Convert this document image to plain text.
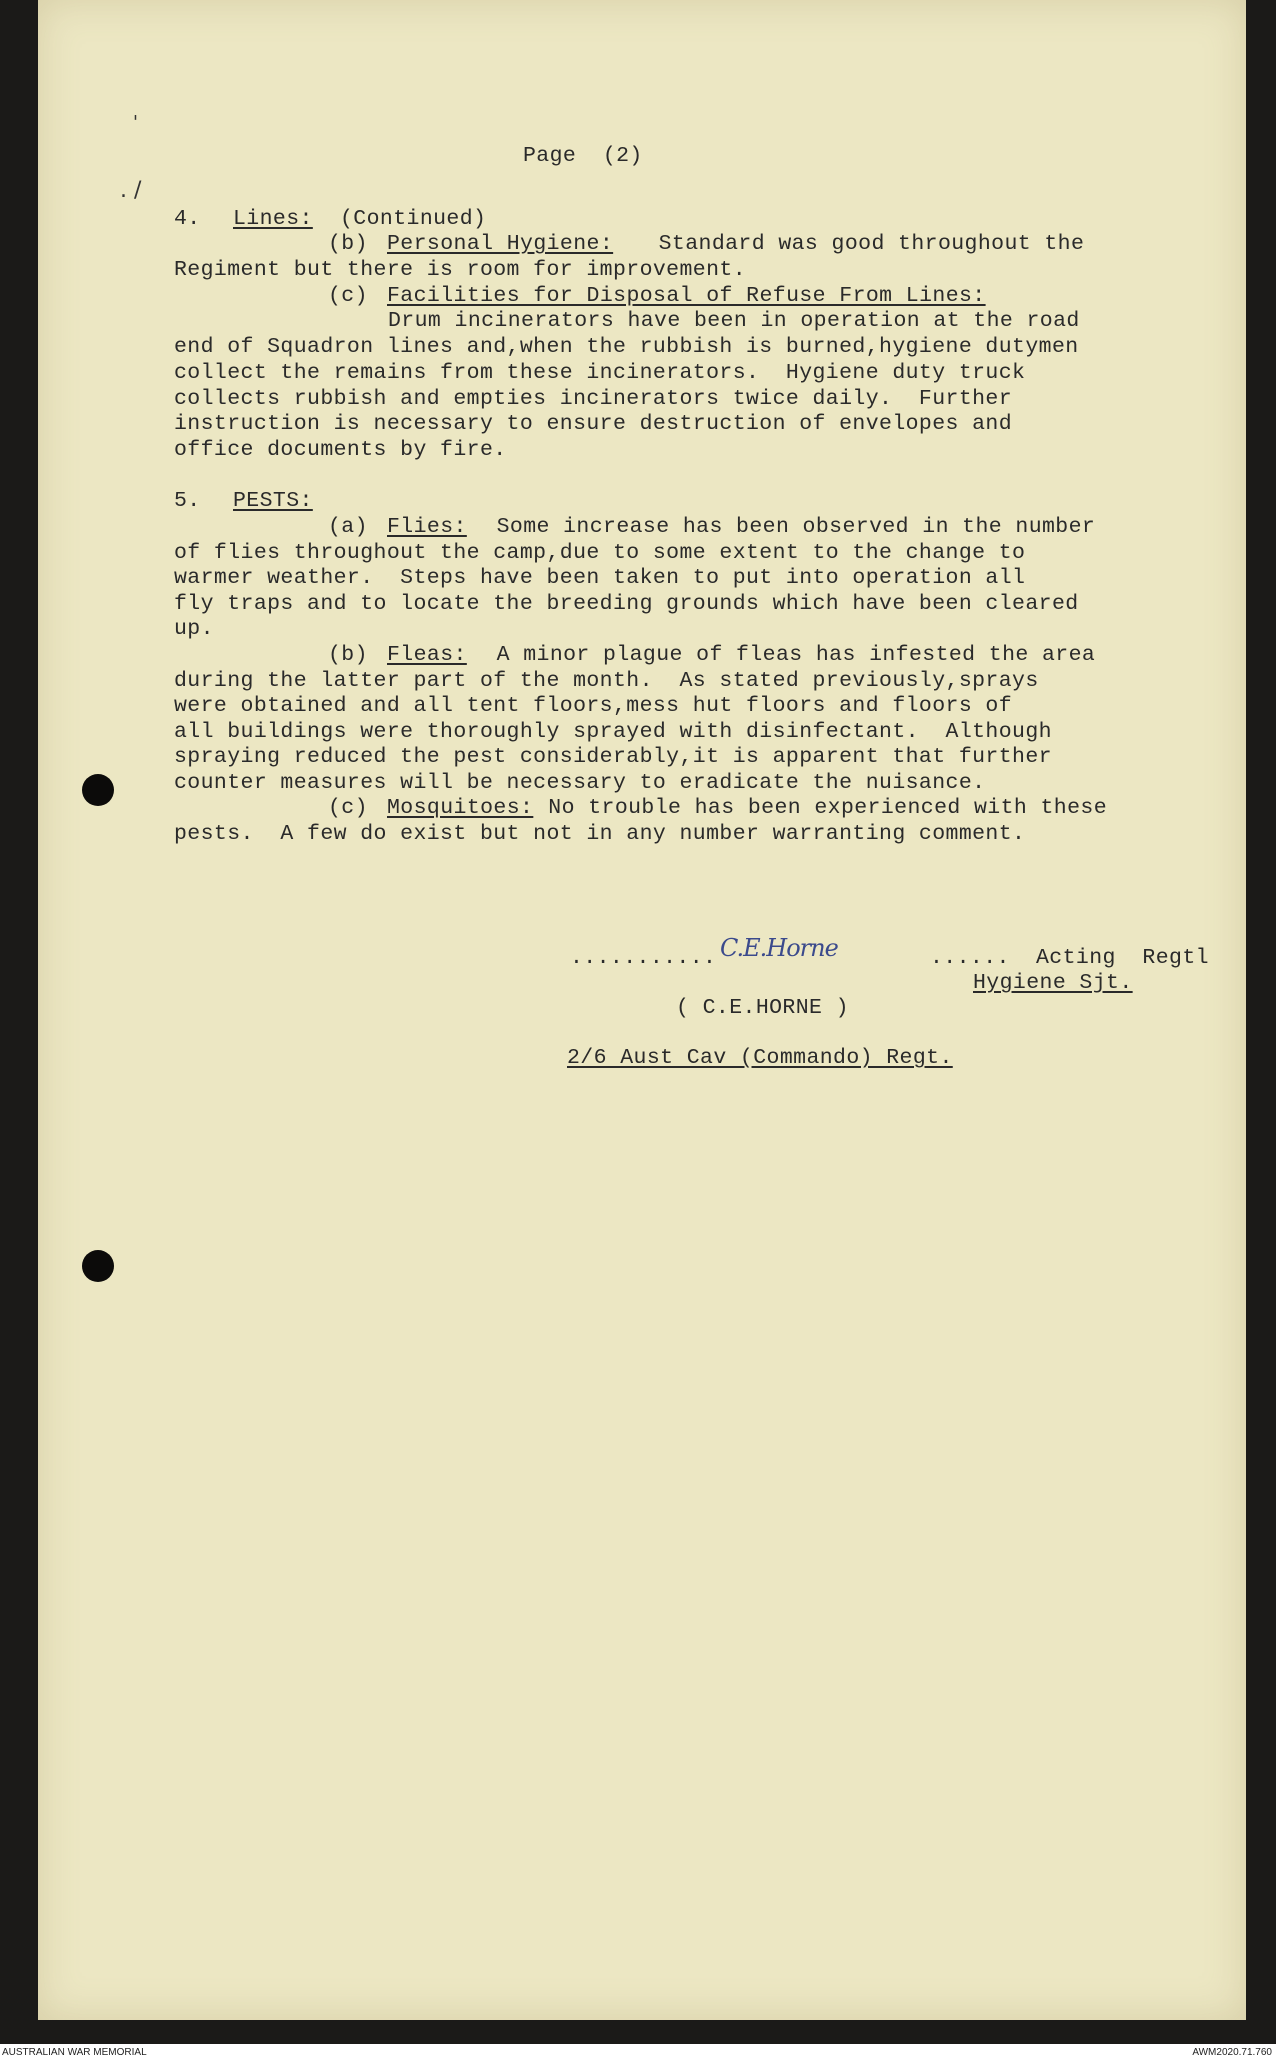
'
. /
Page  (2)
4. Lines: (Continued)
(b) Personal Hygiene: Standard was good throughout the
Regiment but there is room for improvement.
(c) Facilities for Disposal of Refuse From Lines:
Drum incinerators have been in operation at the road
end of Squadron lines and,when the rubbish is burned,hygiene dutymen
collect the remains from these incinerators.  Hygiene duty truck
collects rubbish and empties incinerators twice daily.  Further
instruction is necessary to ensure destruction of envelopes and
office documents by fire.
5. PESTS:
(a) Flies: Some increase has been observed in the number
of flies throughout the camp,due to some extent to the change to
warmer weather.  Steps have been taken to put into operation all
fly traps and to locate the breeding grounds which have been cleared
up.
(b) Fleas: A minor plague of fleas has infested the area
during the latter part of the month.  As stated previously,sprays
were obtained and all tent floors,mess hut floors and floors of
all buildings were thoroughly sprayed with disinfectant.  Although
spraying reduced the pest considerably,it is apparent that further
counter measures will be necessary to eradicate the nuisance.
(c) Mosquitoes: No trouble has been experienced with these
pests.  A few do exist but not in any number warranting comment.
........... C.E.Horne	...... Acting  Regtl
Hygiene Sjt.
( C.E.HORNE )
2/6 Aust Cav (Commando) Regt.
AUSTRALIAN WAR MEMORIAL	AWM2020.71.760
